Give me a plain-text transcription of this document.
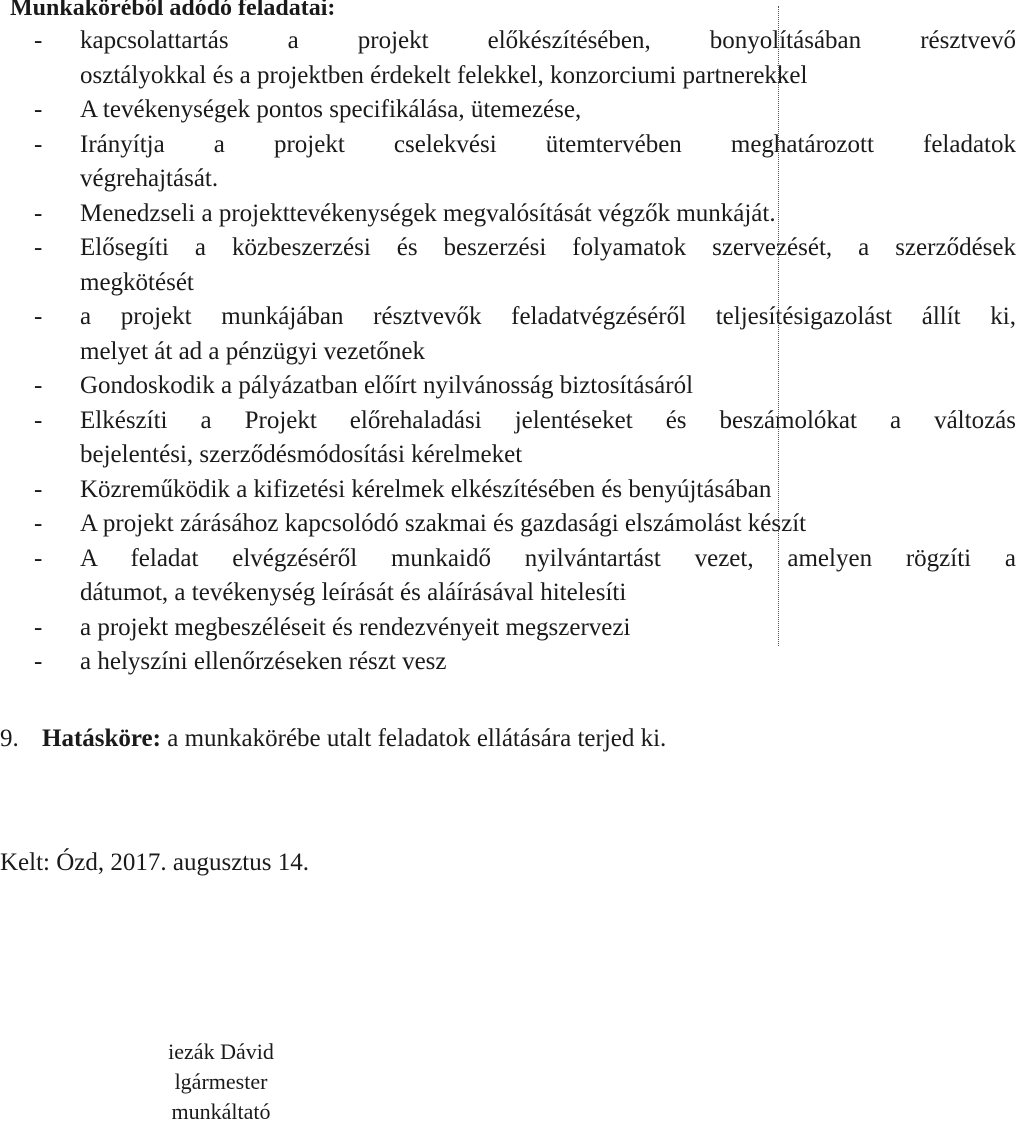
Munkaköréből adódó feladatai:
- kapcsolattartás a projekt előkészítésében, bonyolításában résztvevő
osztályokkal és a projektben érdekelt felekkel, konzorciumi partnerekkel
- A tevékenységek pontos specifikálása, ütemezése,
- Irányítja a projekt cselekvési ütemtervében meghatározott feladatok
végrehajtását.
- Menedzseli a projekttevékenységek megvalósítását végzők munkáját.
- Elősegíti a közbeszerzési és beszerzési folyamatok szervezését, a szerződések
megkötését
- a projekt munkájában résztvevők feladatvégzéséről teljesítésigazolást állít ki,
melyet át ad a pénzügyi vezetőnek
- Gondoskodik a pályázatban előírt nyilvánosság biztosításáról
- Elkészíti a Projekt előrehaladási jelentéseket és beszámolókat a változás
bejelentési, szerződésmódosítási kérelmeket
- Közreműködik a kifizetési kérelmek elkészítésében és benyújtásában
- A projekt zárásához kapcsolódó szakmai és gazdasági elszámolást készít
- A feladat elvégzéséről munkaidő nyilvántartást vezet, amelyen rögzíti a
dátumot, a tevékenység leírását és aláírásával hitelesíti
- a projekt megbeszéléseit és rendezvényeit megszervezi
- a helyszíni ellenőrzéseken részt vesz
9. Hatásköre: a munkakörébe utalt feladatok ellátására terjed ki.
Kelt: Ózd, 2017. augusztus 14.
iezák Dávid
lgármester
munkáltató
